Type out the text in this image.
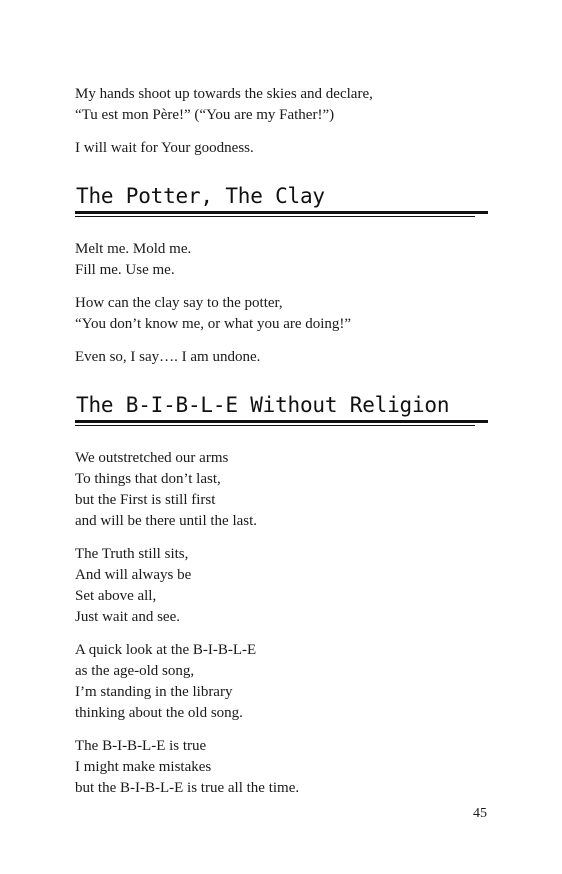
My hands shoot up towards the skies and declare,
“Tu est mon Père!” (“You are my Father!”)
I will wait for Your goodness.
The Potter, The Clay
Melt me. Mold me.
Fill me. Use me.
How can the clay say to the potter,
“You don’t know me, or what you are doing!”
Even so, I say…. I am undone.
The B-I-B-L-E Without Religion
We outstretched our arms
To things that don’t last,
but the First is still first
and will be there until the last.
The Truth still sits,
And will always be
Set above all,
Just wait and see.
A quick look at the B-I-B-L-E
as the age-old song,
I’m standing in the library
thinking about the old song.
The B-I-B-L-E is true
I might make mistakes
but the B-I-B-L-E is true all the time.
45
